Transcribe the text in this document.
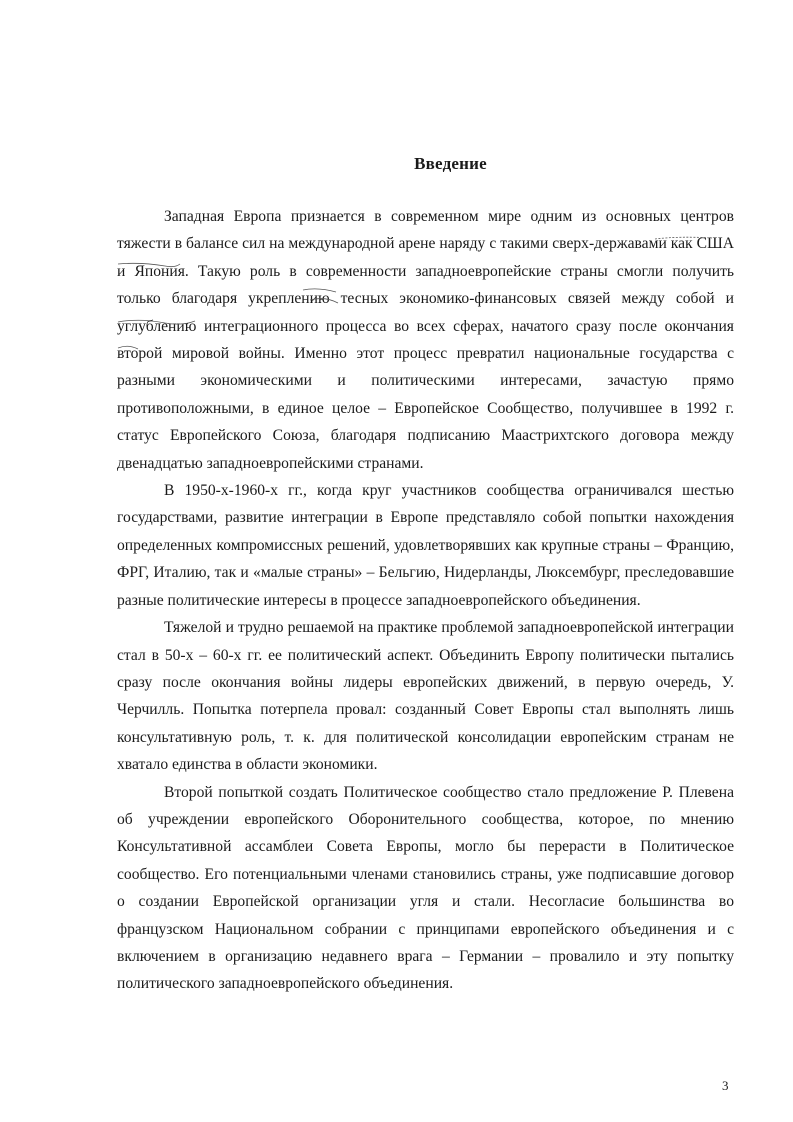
Введение

Западная Европа признается в современном мире одним из основных центров тяжести в балансе сил на международной арене наряду с такими сверх-державами как США и Япония. Такую роль в современности западноевропейские страны смогли получить только благодаря укреплению тесных экономико-финансовых связей между собой и углублению интеграционного процесса во всех сферах, начатого сразу после окончания второй мировой войны. Именно этот процесс превратил национальные государства с разными экономическими и политическими интересами, зачастую прямо противоположными, в единое целое – Европейское Сообщество, получившее в 1992 г. статус Европейского Союза, благодаря подписанию Маастрихтского договора между двенадцатью западноевропейскими странами.

В 1950-х-1960-х гг., когда круг участников сообщества ограничивался шестью государствами, развитие интеграции в Европе представляло собой попытки нахождения определенных компромиссных решений, удовлетворявших как крупные страны – Францию, ФРГ, Италию, так и «малые страны» – Бельгию, Нидерланды, Люксембург, преследовавшие разные политические интересы в процессе западноевропейского объединения.

Тяжелой и трудно решаемой на практике проблемой западноевропейской интеграции стал в 50-х – 60-х гг. ее политический аспект. Объединить Европу политически пытались сразу после окончания войны лидеры европейских движений, в первую очередь, У. Черчилль. Попытка потерпела провал: созданный Совет Европы стал выполнять лишь консультативную роль, т. к. для политической консолидации европейским странам не хватало единства в области экономики.

Второй попыткой создать Политическое сообщество стало предложение Р. Плевена об учреждении европейского Оборонительного сообщества, которое, по мнению Консультативной ассамблеи Совета Европы, могло бы перерасти в Политическое сообщество. Его потенциальными членами становились страны, уже подписавшие договор о создании Европейской организации угля и стали. Несогласие большинства во французском Национальном собрании с принципами европейского объединения и с включением в организацию недавнего врага – Германии – провалило и эту попытку политического западноевропейского объединения.

3
